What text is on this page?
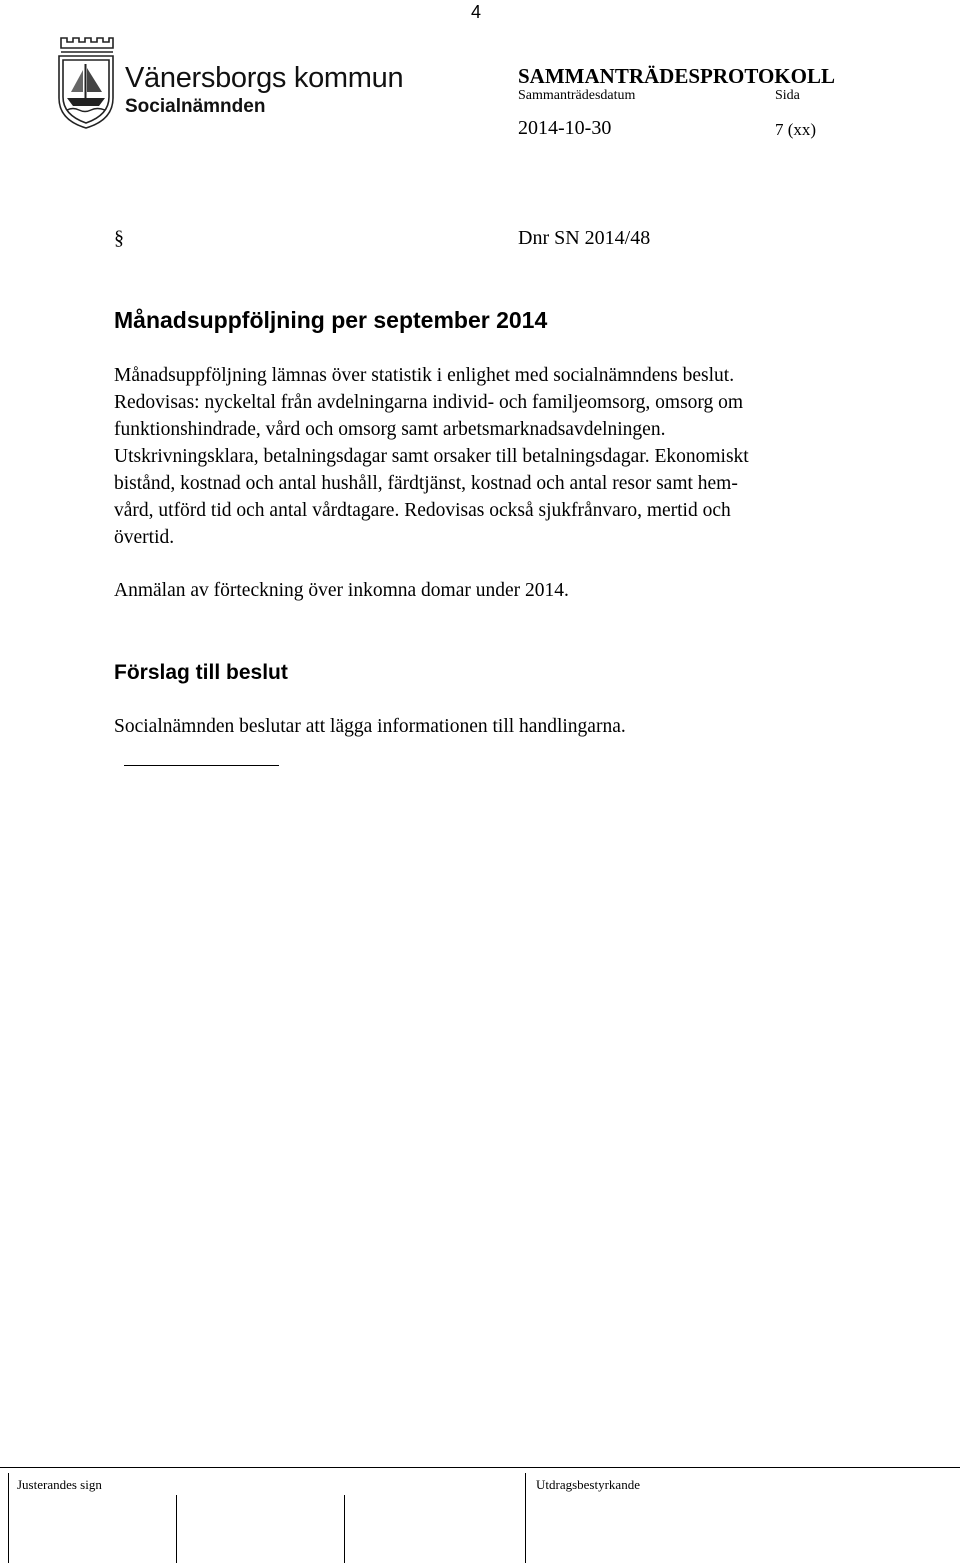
4
Vänersborgs kommun
Socialnämnden
SAMMANTRÄDESPROTOKOLL
Sammanträdesdatum	Sida
2014-10-30	7 (xx)
§	Dnr SN 2014/48
Månadsuppföljning per september 2014
Månadsuppföljning lämnas över statistik i enlighet med socialnämndens beslut.
Redovisas: nyckeltal från avdelningarna individ- och familjeomsorg, omsorg om
funktionshindrade, vård och omsorg samt arbetsmarknadsavdelningen.
Utskrivningsklara, betalningsdagar samt orsaker till betalningsdagar. Ekonomiskt
bistånd, kostnad och antal hushåll, färdtjänst, kostnad och antal resor samt hem-
vård, utförd tid och antal vårdtagare. Redovisas också sjukfrånvaro, mertid och
övertid.
Anmälan av förteckning över inkomna domar under 2014.
Förslag till beslut
Socialnämnden beslutar att lägga informationen till handlingarna.
Justerandes sign	Utdragsbestyrkande
